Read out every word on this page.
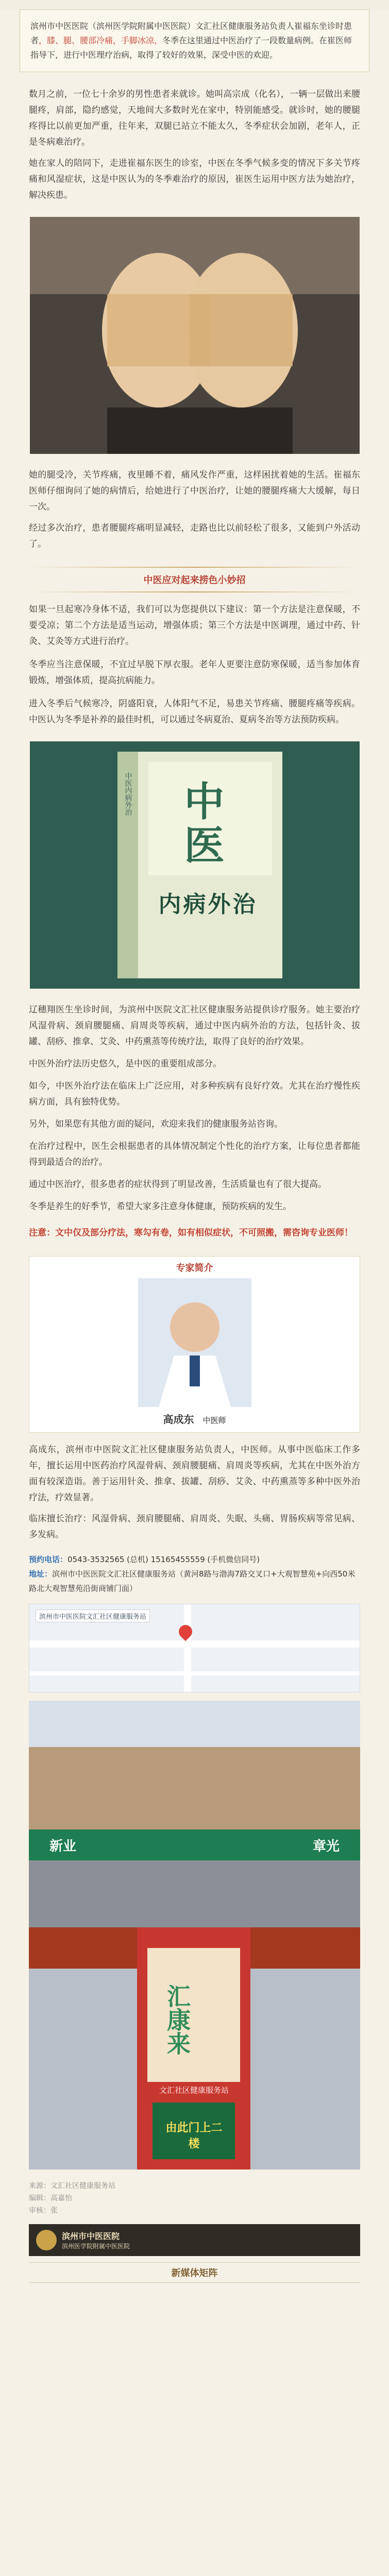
滨州市中医医院（滨州医学院附属中医医院）文汇社区健康服务站负责人崔福东坐诊时患者，膝、腿、腰部冷痛，手脚冰凉，冬季在这里通过中医治疗了一段数量病例。在崔医师指导下，进行中医理疗治病，取得了较好的效果，深受中医的欢迎。

数月之前，一位七十余岁的男性患者来就诊。她叫高宗成（化名），一辆一层做出来腰腿疼，肩部，隐约感觉，天地间大多数时光在家中，特别能感受。就诊时，她的腰腿疼得比以前更加严重，往年来，双腿已站立不能太久，冬季症状会加剧，老年人，正是冬病难治疗。

她在家人的陪同下，走进崔福东医生的诊室，中医在冬季气候多变的情况下多关节疼痛和风湿症状，这是中医认为的冬季难治疗的原因，崔医生运用中医方法为她治疗，解决疾患。

她的腿受冷，关节疼痛，夜里睡不着，痛风发作严重，这样困扰着她的生活。崔福东医师仔细询问了她的病情后，给她进行了中医治疗，让她的腰腿疼痛大大缓解，每日一次。

经过多次治疗，患者腰腿疼痛明显减轻，走路也比以前轻松了很多，又能到户外活动了。

中医应对起来捞色小妙招

如果一旦起寒冷身体不适，我们可以为您提供以下建议：第一个方法是注意保暖，不要受凉；第二个方法是适当运动，增强体质；第三个方法是中医调理，通过中药、针灸、艾灸等方式进行治疗。

冬季应当注意保暖，不宜过早脱下厚衣服。老年人更要注意防寒保暖，适当参加体育锻炼，增强体质，提高抗病能力。

进入冬季后气候寒冷，阴盛阳衰，人体阳气不足，易患关节疼痛、腰腿疼痛等疾病。中医认为冬季是补养的最佳时机，可以通过冬病夏治、夏病冬治等方法预防疾病。

中
医
内病外治
中医内病外治

辽穗翔医生坐诊时间，为滨州中医院文汇社区健康服务站提供诊疗服务。她主要治疗风湿骨病、颈肩腰腿痛、肩周炎等疾病，通过中医内病外治的方法，包括针灸、拔罐、刮痧、推拿、艾灸、中药熏蒸等传统疗法，取得了良好的治疗效果。

中医外治疗法历史悠久，是中医的重要组成部分。

如今，中医外治疗法在临床上广泛应用，对多种疾病有良好疗效。尤其在治疗慢性疾病方面，具有独特优势。

另外，如果您有其他方面的疑问，欢迎来我们的健康服务站咨询。

在治疗过程中，医生会根据患者的具体情况制定个性化的治疗方案，让每位患者都能得到最适合的治疗。

通过中医治疗，很多患者的症状得到了明显改善，生活质量也有了很大提高。

冬季是养生的好季节，希望大家多注意身体健康，预防疾病的发生。

注意：文中仅及部分疗法，寒勾有卷，如有相似症状，不可照搬，需咨询专业医师！
专家简介
高成东 中医师

高成东，滨州市中医院文汇社区健康服务站负责人，中医师。从事中医临床工作多年，擅长运用中医药治疗风湿骨病、颈肩腰腿痛、肩周炎等疾病，尤其在中医外治方面有较深造诣。善于运用针灸、推拿、拔罐、刮痧、艾灸、中药熏蒸等多种中医外治疗法，疗效显著。

临床擅长治疗：风湿骨病、颈肩腰腿痛、肩周炎、失眠、头痛、胃肠疾病等常见病、多发病。

预约电话：0543-3532565 (总机) 15165455559 (手机微信同号)
地址：滨州市中医医院文汇社区健康服务站（黄河8路与渤海7路交叉口+大观智慧苑+向西50米路北大观智慧苑沿街商铺门面）
滨州市中医医院文汇社区健康服务站
新业	章光
汇康来
文汇社区健康服务站
由此门上二楼
来源：文汇社区健康服务站
编辑：高嘉怡
审核：张
滨州市中医医院
滨州医学院附属中医医院
新媒体矩阵
